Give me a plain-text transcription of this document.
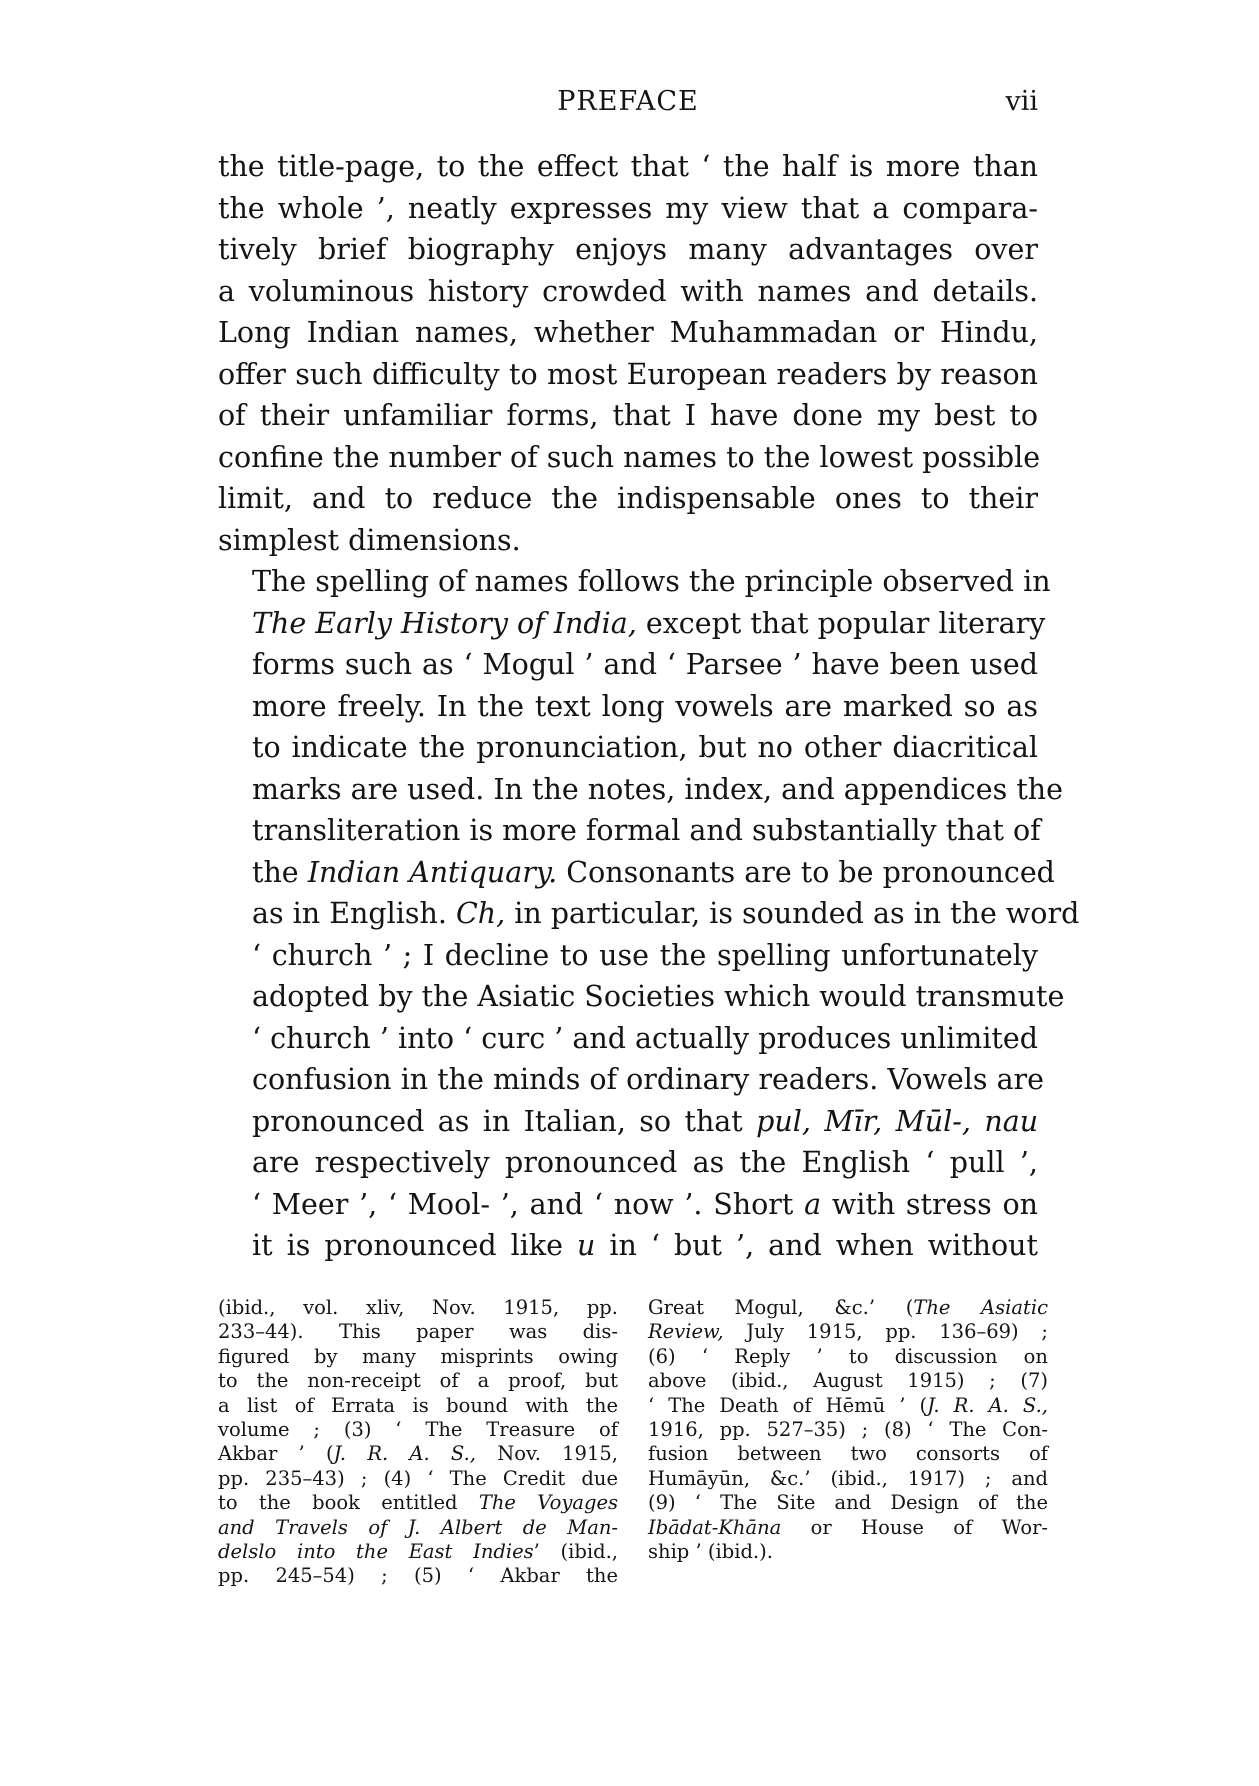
PREFACE	vii

the title-page, to the effect that ‘ the half is more than
the whole ’, neatly expresses my view that a compara-
tively brief biography enjoys many advantages over
a voluminous history crowded with names and details.
Long Indian names, whether Muhammadan or Hindu,
offer such difficulty to most European readers by reason
of their unfamiliar forms, that I have done my best to
confine the number of such names to the lowest possible
limit, and to reduce the indispensable ones to their
simplest dimensions.

The spelling of names follows the principle observed in
The Early History of India, except that popular literary
forms such as ‘ Mogul ’ and ‘ Parsee ’ have been used
more freely. In the text long vowels are marked so as
to indicate the pronunciation, but no other diacritical
marks are used. In the notes, index, and appendices the
transliteration is more formal and substantially that of
the Indian Antiquary. Consonants are to be pronounced
as in English. Ch, in particular, is sounded as in the word
‘ church ’ ; I decline to use the spelling unfortunately
adopted by the Asiatic Societies which would transmute
‘ church ’ into ‘ curc ’ and actually produces unlimited
confusion in the minds of ordinary readers. Vowels are
pronounced as in Italian, so that pul, Mīr, Mūl-, nau
are respectively pronounced as the English ‘ pull ’,
‘ Meer ’, ‘ Mool- ’, and ‘ now ’. Short a with stress on
it is pronounced like u in ‘ but ’, and when without

(ibid., vol. xliv, Nov. 1915, pp.
233–44). This paper was dis-
figured by many misprints owing
to the non-receipt of a proof, but
a list of Errata is bound with the
volume ; (3) ‘ The Treasure of
Akbar ’ (J. R. A. S., Nov. 1915,
pp. 235–43) ; (4) ‘ The Credit due
to the book entitled The Voyages
and Travels of J. Albert de Man-
delslo into the East Indies’ (ibid.,
pp. 245–54) ; (5) ‘ Akbar the
Great Mogul, &c.’ (The Asiatic
Review, July 1915, pp. 136–69) ;
(6) ‘ Reply ’ to discussion on
above (ibid., August 1915) ; (7)
‘ The Death of Hēmū ’ (J. R. A. S.,
1916, pp. 527–35) ; (8) ‘ The Con-
fusion between two consorts of
Humāyūn, &c.’ (ibid., 1917) ; and
(9) ‘ The Site and Design of the
Ibādat-Khāna or House of Wor-
ship ’ (ibid.).
